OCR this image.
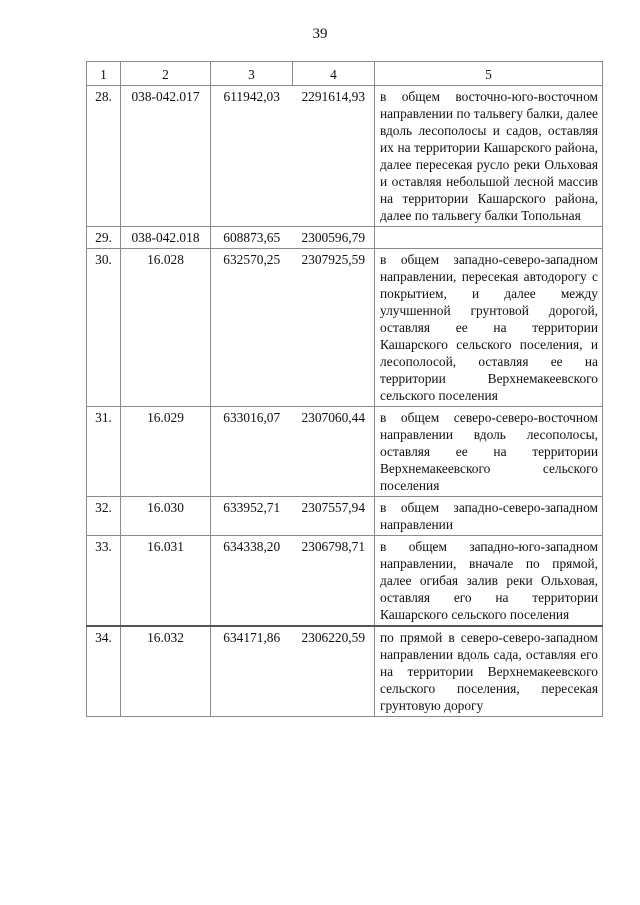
39
1	2	3	4	5
28.	038-042.017	611942,03	2291614,93	в общем восточно-юго-восточном направлении по тальвегу балки, далее вдоль лесополосы и садов, оставляя их на территории Кашарского района, далее пересекая русло реки Ольховая и оставляя небольшой лесной массив на территории Кашарского района, далее по тальвегу балки Топольная
29.	038-042.018	608873,65	2300596,79	
30.	16.028	632570,25	2307925,59	в общем западно-северо-западном направлении, пересекая автодорогу с покрытием, и далее между улучшенной грунтовой дорогой, оставляя ее на территории Кашарского сельского поселения, и лесополосой, оставляя ее на территории Верхнемакеевского сельского поселения
31.	16.029	633016,07	2307060,44	в общем северо-северо-восточном направлении вдоль лесополосы, оставляя ее на территории Верхнемакеевского сельского поселения
32.	16.030	633952,71	2307557,94	в общем западно-северо-западном направлении
33.	16.031	634338,20	2306798,71	в общем западно-юго-западном направлении, вначале по прямой, далее огибая залив реки Ольховая, оставляя его на территории Кашарского сельского поселения
34.	16.032	634171,86	2306220,59	по прямой в северо-северо-западном направлении вдоль сада, оставляя его на территории Верхнемакеевского сельского поселения, пересекая грунтовую дорогу
